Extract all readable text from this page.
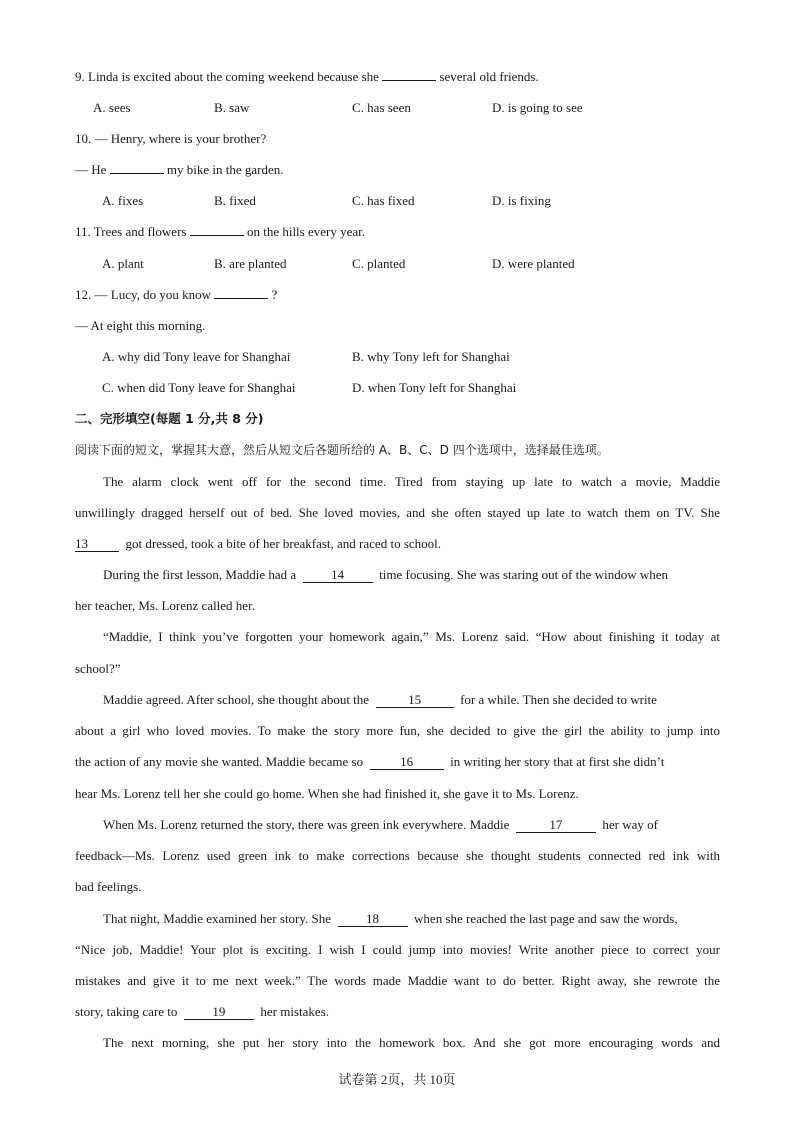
9. Linda is excited about the coming weekend because she	several old friends.
A. sees	B. saw	C. has seen	D. is going to see
10. — Henry, where is your brother?
— He	my bike in the garden.
A. fixes	B. fixed	C. has fixed	D. is fixing
11. Trees and flowers	on the hills every year.
A. plant	B. are planted	C. planted	D. were planted
12. — Lucy, do you know	?
— At eight this morning.
A. why did Tony leave for Shanghai	B. why Tony left for Shanghai
C. when did Tony leave for Shanghai	D. when Tony left for Shanghai
二、完形填空(每题 1 分,共 8 分)
阅读下面的短文，掌握其大意，然后从短文后各题所给的 A、B、C、D 四个选项中，选择最佳选项。
The alarm clock went off for the second time. Tired from staying up late to watch a movie, Maddie
unwillingly dragged herself out of bed. She loved movies, and she often stayed up late to watch them on TV. She
13	got dressed, took a bite of her breakfast, and raced to school.
During the first lesson, Maddie had a	14	time focusing. She was staring out of the window when
her teacher, Ms. Lorenz called her.
“Maddie, I think you’ve forgotten your homework again,” Ms. Lorenz said. “How about finishing it today at
school?”
Maddie agreed. After school, she thought about the	15	for a while. Then she decided to write
about a girl who loved movies. To make the story more fun, she decided to give the girl the ability to jump into
the action of any movie she wanted. Maddie became so	16	in writing her story that at first she didn’t
hear Ms. Lorenz tell her she could go home. When she had finished it, she gave it to Ms. Lorenz.
When Ms. Lorenz returned the story, there was green ink everywhere. Maddie	17	her way of
feedback—Ms. Lorenz used green ink to make corrections because she thought students connected red ink with
bad feelings.
That night, Maddie examined her story. She	18	when she reached the last page and saw the words,
“Nice job, Maddie! Your plot is exciting. I wish I could jump into movies! Write another piece to correct your
mistakes and give it to me next week.” The words made Maddie want to do better. Right away, she rewrote the
story, taking care to	19	her mistakes.
The next morning, she put her story into the homework box. And she got more encouraging words and
试卷第 2页，共 10页
